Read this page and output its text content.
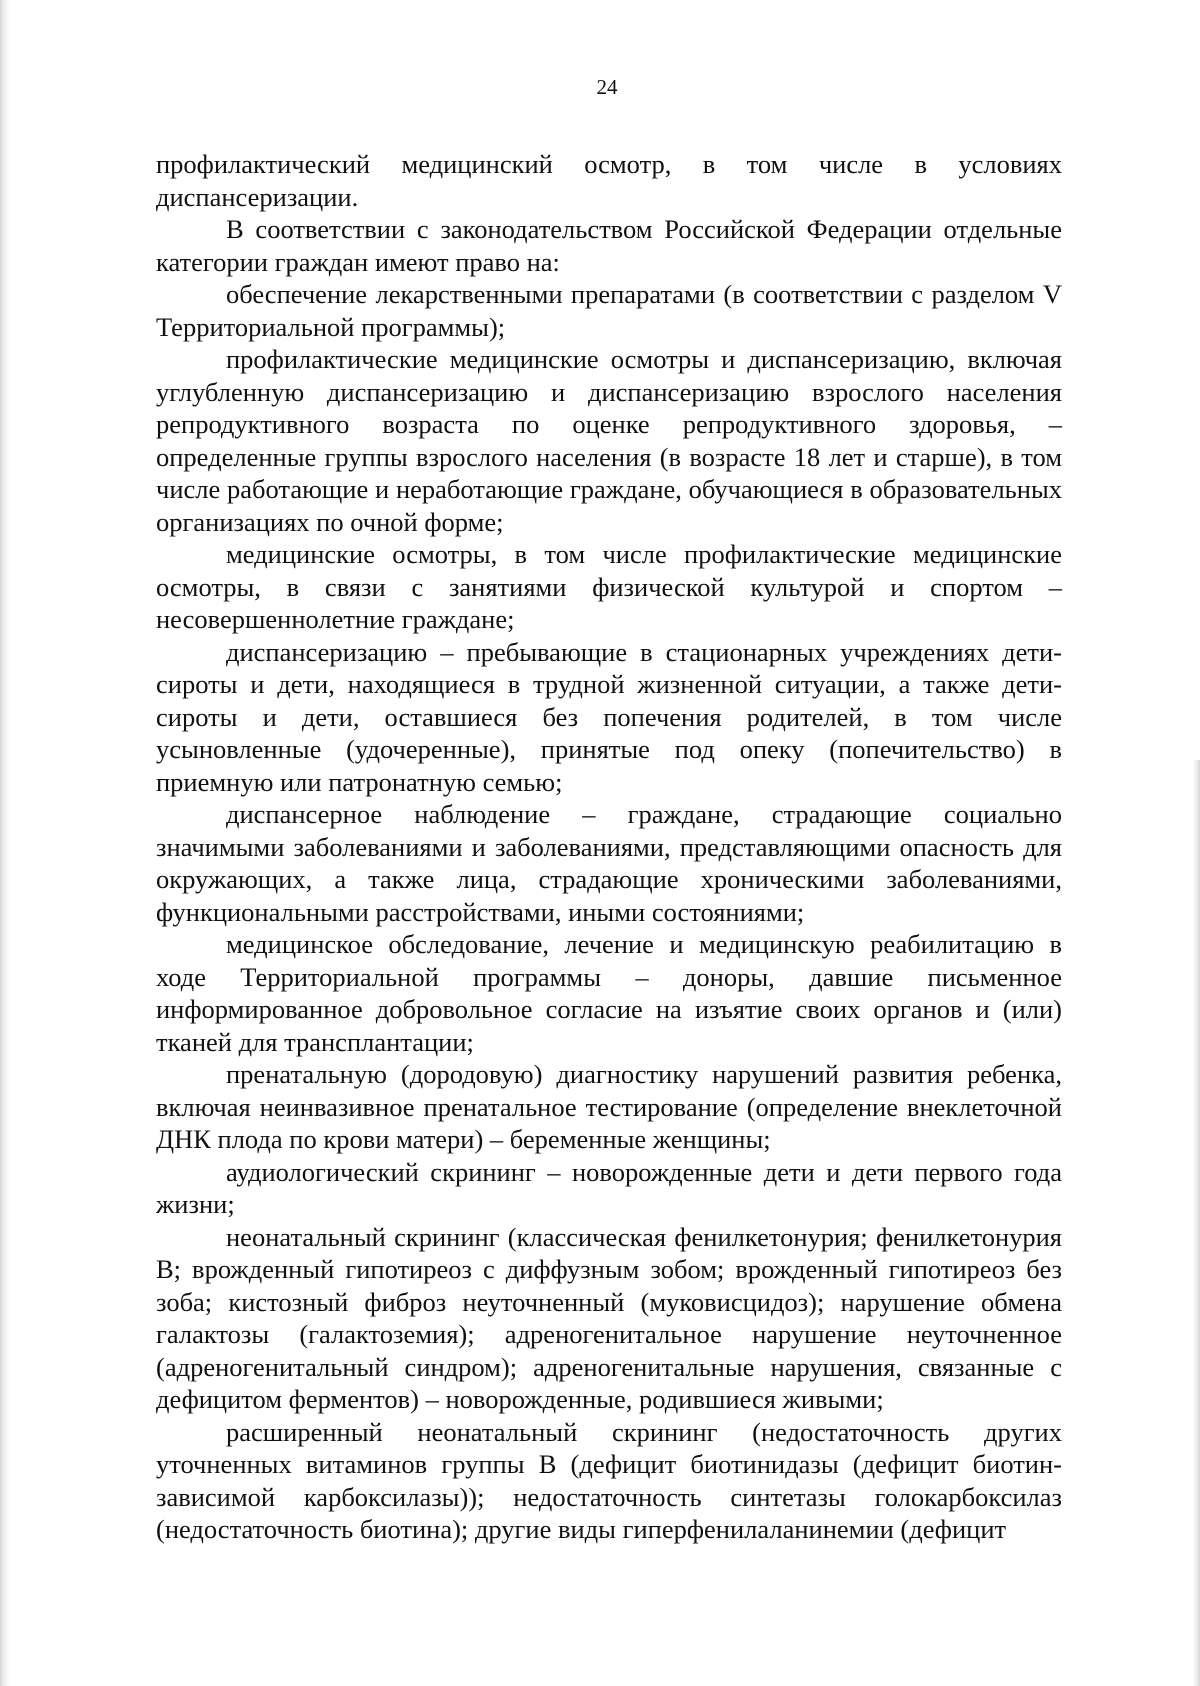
24

профилактический медицинский осмотр, в том числе в условиях диспансеризации.

В соответствии с законодательством Российской Федерации отдельные категории граждан имеют право на:

обеспечение лекарственными препаратами (в соответствии с разделом V Территориальной программы);

профилактические медицинские осмотры и диспансеризацию, включая углубленную диспансеризацию и диспансеризацию взрослого населения репродуктивного возраста по оценке репродуктивного здоровья, – определенные группы взрослого населения (в возрасте 18 лет и старше), в том числе работающие и неработающие граждане, обучающиеся в образовательных организациях по очной форме;

медицинские осмотры, в том числе профилактические медицинские осмотры, в связи с занятиями физической культурой и спортом – несовершеннолетние граждане;

диспансеризацию – пребывающие в стационарных учреждениях дети-сироты и дети, находящиеся в трудной жизненной ситуации, а также дети-сироты и дети, оставшиеся без попечения родителей, в том числе усыновленные (удочеренные), принятые под опеку (попечительство) в приемную или патронатную семью;

диспансерное наблюдение – граждане, страдающие социально значимыми заболеваниями и заболеваниями, представляющими опасность для окружающих, а также лица, страдающие хроническими заболеваниями, функциональными расстройствами, иными состояниями;

медицинское обследование, лечение и медицинскую реабилитацию в ходе Территориальной программы – доноры, давшие письменное информированное добровольное согласие на изъятие своих органов и (или) тканей для трансплантации;

пренатальную (дородовую) диагностику нарушений развития ребенка, включая неинвазивное пренатальное тестирование (определение внеклеточной ДНК плода по крови матери) – беременные женщины;

аудиологический скрининг – новорожденные дети и дети первого года жизни;

неонатальный скрининг (классическая фенилкетонурия; фенилкетонурия B; врожденный гипотиреоз с диффузным зобом; врожденный гипотиреоз без зоба; кистозный фиброз неуточненный (муковисцидоз); нарушение обмена галактозы (галактоземия); адреногенитальное нарушение неуточненное (адреногенитальный синдром); адреногенитальные нарушения, связанные с дефицитом ферментов) – новорожденные, родившиеся живыми;

расширенный неонатальный скрининг (недостаточность других уточненных витаминов группы B (дефицит биотинидазы (дефицит биотин-зависимой карбоксилазы)); недостаточность синтетазы голокарбоксилаз (недостаточность биотина); другие виды гиперфенилаланинемии (дефицит
